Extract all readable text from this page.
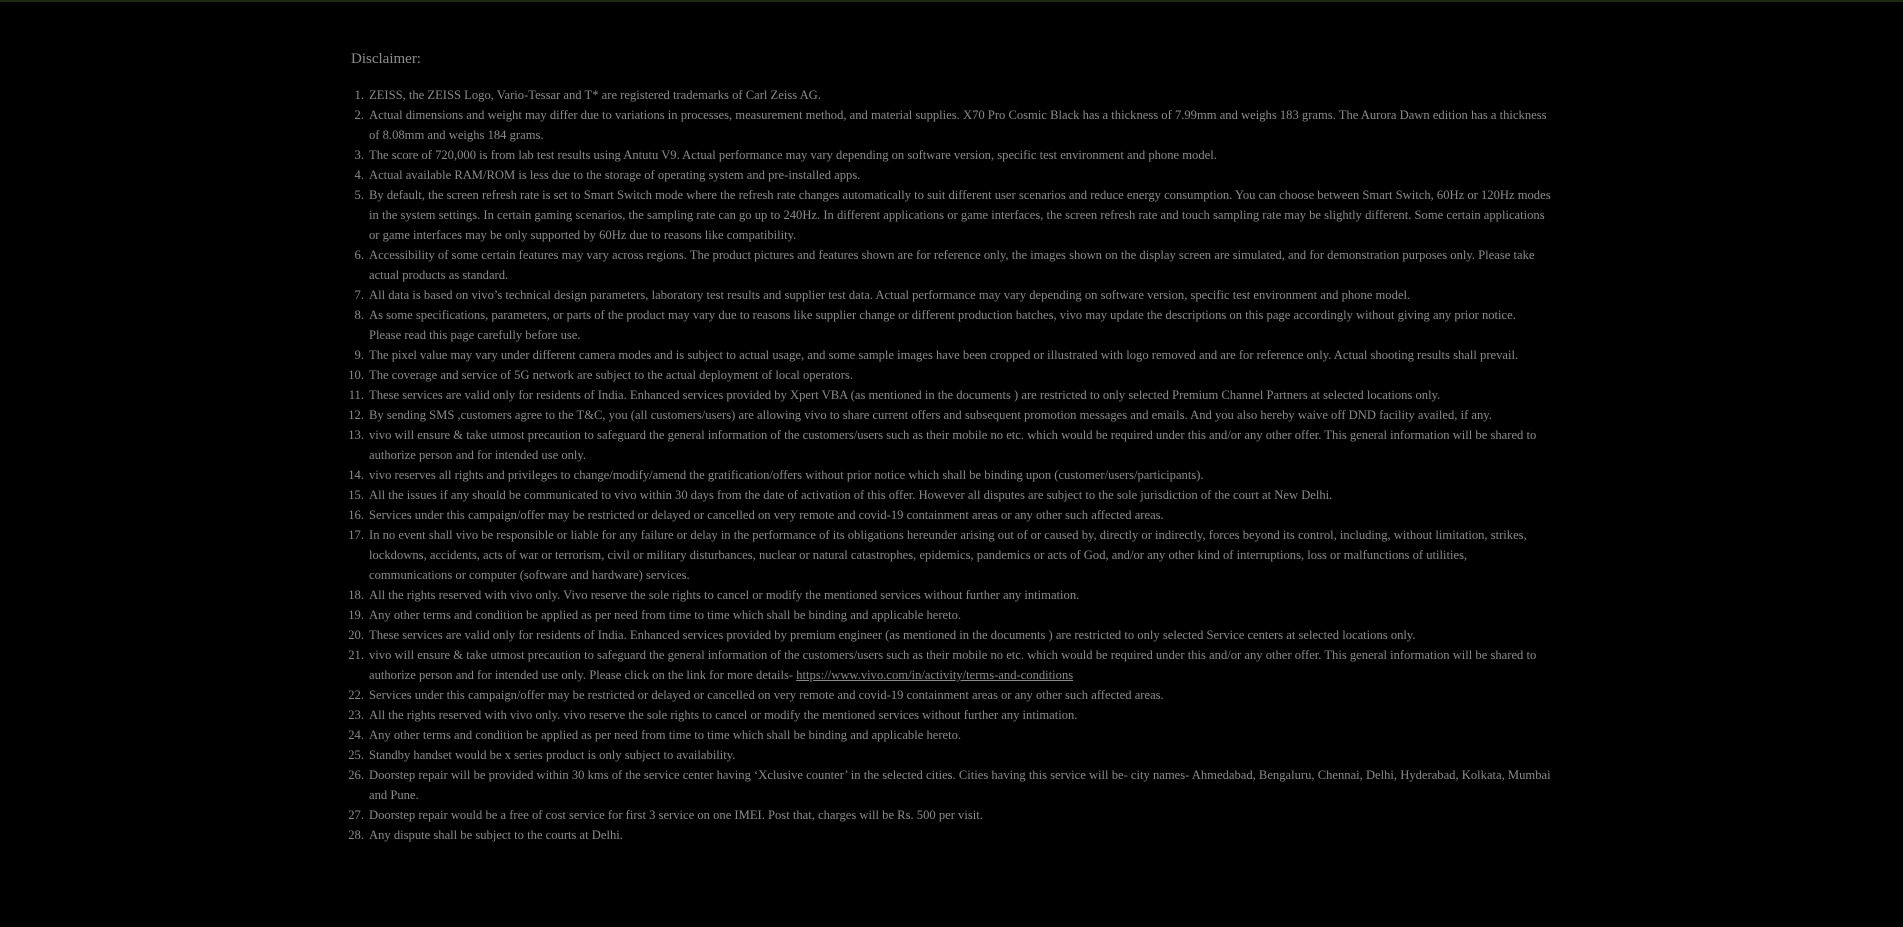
Disclaimer:
1. ZEISS, the ZEISS Logo, Vario-Tessar and T* are registered trademarks of Carl Zeiss AG.
2. Actual dimensions and weight may differ due to variations in processes, measurement method, and material supplies. X70 Pro Cosmic Black has a thickness of 7.99mm and weighs 183 grams. The Aurora Dawn edition has a thickness of 8.08mm and weighs 184 grams.
3. The score of 720,000 is from lab test results using Antutu V9. Actual performance may vary depending on software version, specific test environment and phone model.
4. Actual available RAM/ROM is less due to the storage of operating system and pre-installed apps.
5. By default, the screen refresh rate is set to Smart Switch mode where the refresh rate changes automatically to suit different user scenarios and reduce energy consumption. You can choose between Smart Switch, 60Hz or 120Hz modes in the system settings. In certain gaming scenarios, the sampling rate can go up to 240Hz. In different applications or game interfaces, the screen refresh rate and touch sampling rate may be slightly different. Some certain applications or game interfaces may be only supported by 60Hz due to reasons like compatibility.
6. Accessibility of some certain features may vary across regions. The product pictures and features shown are for reference only, the images shown on the display screen are simulated, and for demonstration purposes only. Please take actual products as standard.
7. All data is based on vivo’s technical design parameters, laboratory test results and supplier test data. Actual performance may vary depending on software version, specific test environment and phone model.
8. As some specifications, parameters, or parts of the product may vary due to reasons like supplier change or different production batches, vivo may update the descriptions on this page accordingly without giving any prior notice. Please read this page carefully before use.
9. The pixel value may vary under different camera modes and is subject to actual usage, and some sample images have been cropped or illustrated with logo removed and are for reference only. Actual shooting results shall prevail.
10. The coverage and service of 5G network are subject to the actual deployment of local operators.
11. These services are valid only for residents of India. Enhanced services provided by Xpert VBA (as mentioned in the documents ) are restricted to only selected Premium Channel Partners at selected locations only.
12. By sending SMS ,customers agree to the T&C, you (all customers/users) are allowing vivo to share current offers and subsequent promotion messages and emails. And you also hereby waive off DND facility availed, if any.
13. vivo will ensure & take utmost precaution to safeguard the general information of the customers/users such as their mobile no etc. which would be required under this and/or any other offer. This general information will be shared to authorize person and for intended use only.
14. vivo reserves all rights and privileges to change/modify/amend the gratification/offers without prior notice which shall be binding upon (customer/users/participants).
15. All the issues if any should be communicated to vivo within 30 days from the date of activation of this offer. However all disputes are subject to the sole jurisdiction of the court at New Delhi.
16. Services under this campaign/offer may be restricted or delayed or cancelled on very remote and covid-19 containment areas or any other such affected areas.
17. In no event shall vivo be responsible or liable for any failure or delay in the performance of its obligations hereunder arising out of or caused by, directly or indirectly, forces beyond its control, including, without limitation, strikes, lockdowns, accidents, acts of war or terrorism, civil or military disturbances, nuclear or natural catastrophes, epidemics, pandemics or acts of God, and/or any other kind of interruptions, loss or malfunctions of utilities, communications or computer (software and hardware) services.
18. All the rights reserved with vivo only. Vivo reserve the sole rights to cancel or modify the mentioned services without further any intimation.
19. Any other terms and condition be applied as per need from time to time which shall be binding and applicable hereto.
20. These services are valid only for residents of India. Enhanced services provided by premium engineer (as mentioned in the documents ) are restricted to only selected Service centers at selected locations only.
21. vivo will ensure & take utmost precaution to safeguard the general information of the customers/users such as their mobile no etc. which would be required under this and/or any other offer. This general information will be shared to authorize person and for intended use only. Please click on the link for more details- https://www.vivo.com/in/activity/terms-and-conditions
22. Services under this campaign/offer may be restricted or delayed or cancelled on very remote and covid-19 containment areas or any other such affected areas.
23. All the rights reserved with vivo only. vivo reserve the sole rights to cancel or modify the mentioned services without further any intimation.
24. Any other terms and condition be applied as per need from time to time which shall be binding and applicable hereto.
25. Standby handset would be x series product is only subject to availability.
26. Doorstep repair will be provided within 30 kms of the service center having ‘Xclusive counter’ in the selected cities. Cities having this service will be- city names- Ahmedabad, Bengaluru, Chennai, Delhi, Hyderabad, Kolkata, Mumbai and Pune.
27. Doorstep repair would be a free of cost service for first 3 service on one IMEI. Post that, charges will be Rs. 500 per visit.
28. Any dispute shall be subject to the courts at Delhi.
